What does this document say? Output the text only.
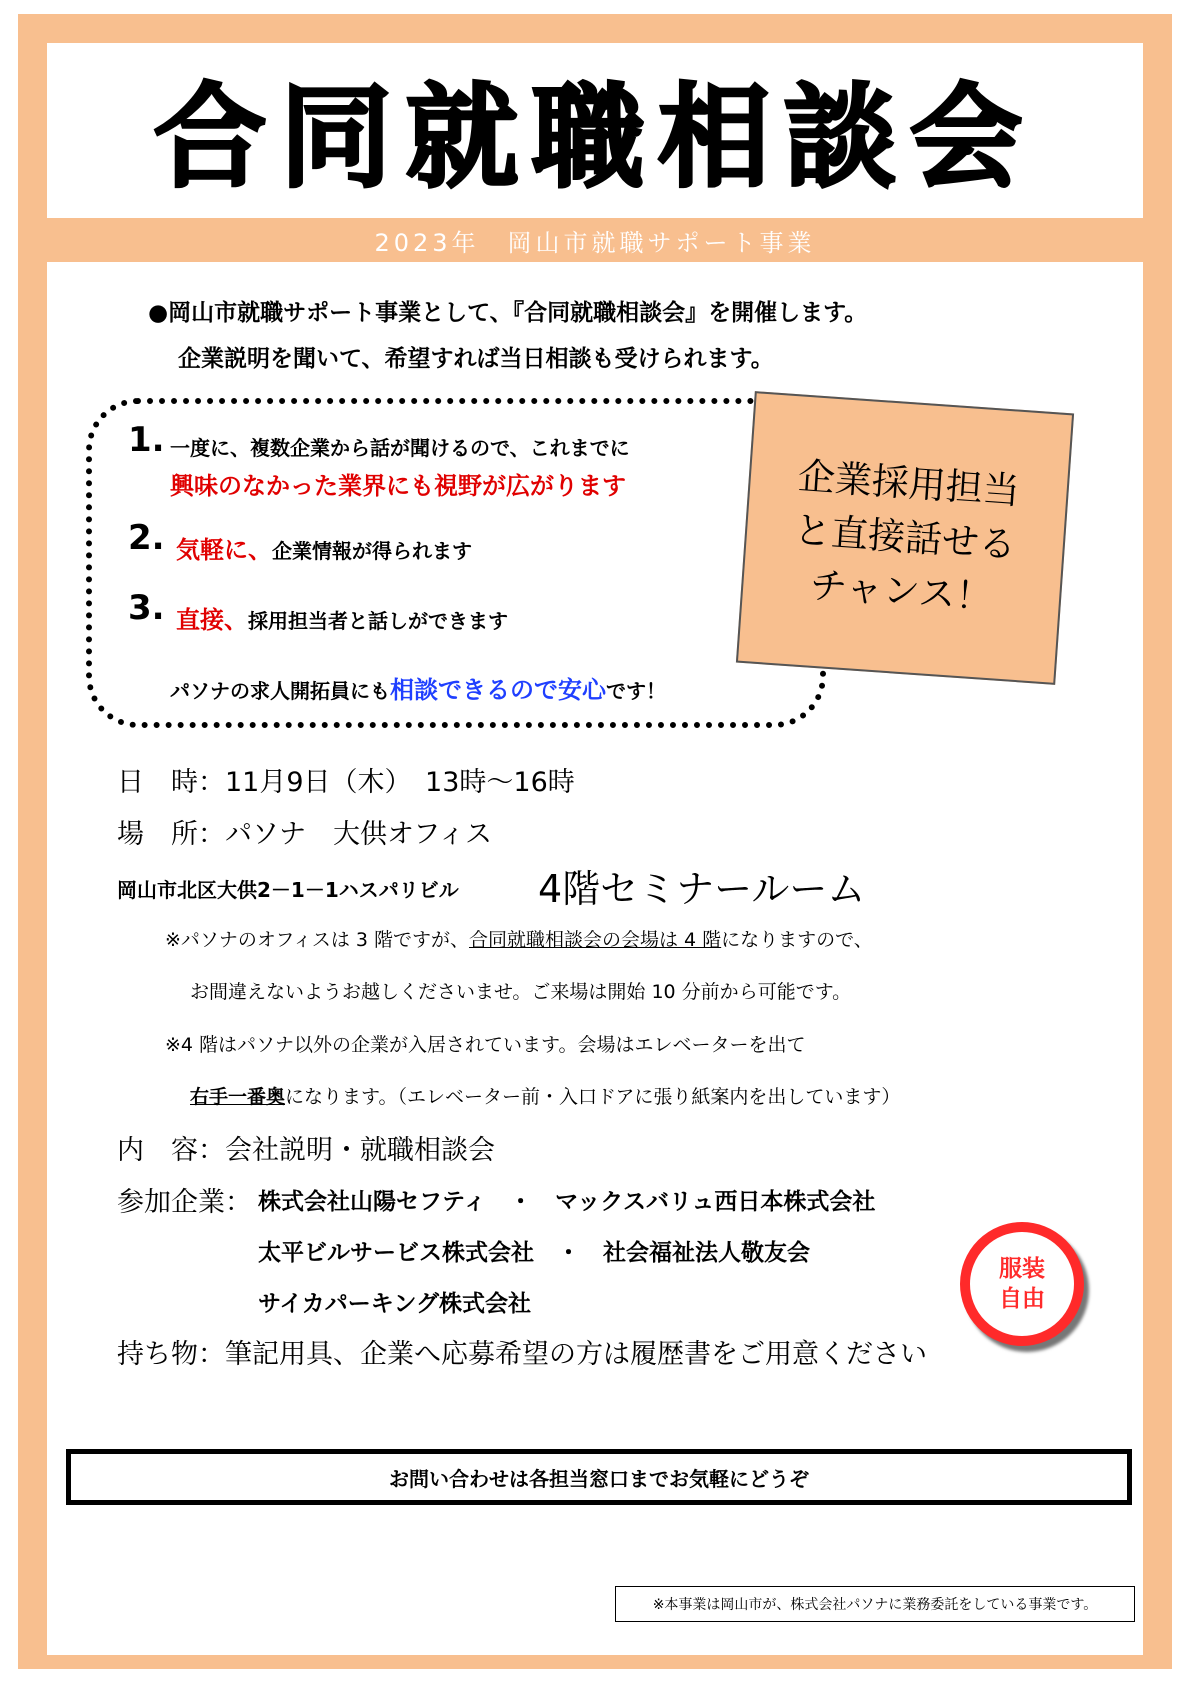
合同就職相談会
2023年　岡山市就職サポート事業
●岡山市就職サポート事業として、『合同就職相談会』を開催します。
企業説明を聞いて、希望すれば当日相談も受けられます。
1. 一度に、複数企業から話が聞けるので、これまでに
興味のなかった業界にも視野が広がります
2. 気軽に、企業情報が得られます
3. 直接、採用担当者と話しができます
パソナの求人開拓員にも相談できるので安心です！
企業採用担当
と直接話せる
チャンス！
日　時：11月9日（木）　13時～16時
場　所：パソナ　大供オフィス
岡山市北区大供2－1－1ハスパリビル 4階セミナールーム
※パソナのオフィスは 3 階ですが、合同就職相談会の会場は 4 階になりますので、
お間違えないようお越しくださいませ。ご来場は開始 10 分前から可能です。
※4 階はパソナ以外の企業が入居されています。会場はエレベーターを出て
右手一番奥になります。（エレベーター前・入口ドアに張り紙案内を出しています）
内　容：会社説明・就職相談会
参加企業： 株式会社山陽セフティ　・　マックスバリュ西日本株式会社
太平ビルサービス株式会社　・　社会福祉法人敬友会
サイカパーキング株式会社
持ち物：筆記用具、企業へ応募希望の方は履歴書をご用意ください
服装
自由
お問い合わせは各担当窓口までお気軽にどうぞ
※本事業は岡山市が、株式会社パソナに業務委託をしている事業です。
